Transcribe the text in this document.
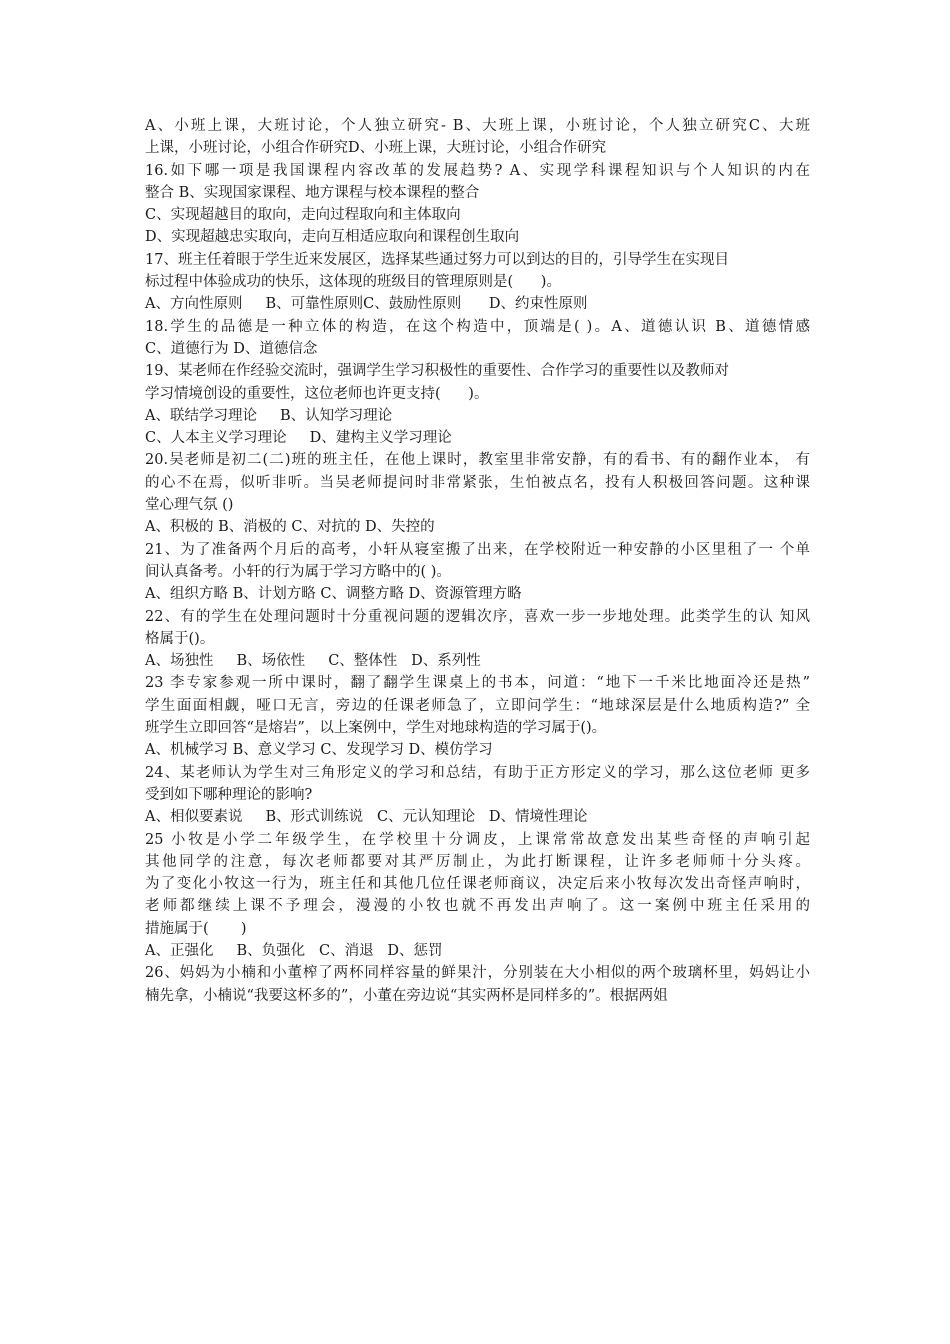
A、小班上课，大班讨论，个人独立研究- B、大班上课，小班讨论，个人独立研究C、大班
上课，小班讨论，小组合作研究D、小班上课，大班讨论，小组合作研究
16.如下哪一项是我国课程内容改革的发展趋势? A、实现学科课程知识与个人知识的内在
整合 B、实现国家课程、地方课程与校本课程的整合
C、实现超越目的取向，走向过程取向和主体取向
D、实现超越忠实取向，走向互相适应取向和课程创生取向
17、班主任着眼于学生近来发展区，选择某些通过努力可以到达的目的，引导学生在实现目
标过程中体验成功的快乐，这体现的班级目的管理原则是(      )。
A、方向性原则     B、可靠性原则C、鼓励性原则      D、约束性原则
18.学生的品德是一种立体的构造，在这个构造中，顶端是( )。A、道德认识 B、道德情感
C、道德行为 D、道德信念
19、某老师在作经验交流时，强调学生学习积极性的重要性、合作学习的重要性以及教师对
学习情境创设的重要性，这位老师也许更支持(      )。
A、联结学习理论     B、认知学习理论
C、人本主义学习理论     D、建构主义学习理论
20.吴老师是初二(二)班的班主任，在他上课时，教室里非常安静，有的看书、有的翻作业本， 有
的心不在焉，似听非听。当吴老师提问时非常紧张，生怕被点名，投有人积极回答问题。这种课
堂心理气氛 ()
A、积极的 B、消极的 C、对抗的 D、失控的
21、为了准备两个月后的高考，小轩从寝室搬了出来，在学校附近一种安静的小区里租了一 个单
间认真备考。小轩的行为属于学习方略中的( )。
A、组织方略 B、计划方略 C、调整方略 D、资源管理方略
22、有的学生在处理问题时十分重视问题的逻辑次序，喜欢一步一步地处理。此类学生的认 知风
格属于()。
A、场独性     B、场依性     C、整体性   D、系列性
23 李专家参观一所中课时，翻了翻学生课桌上的书本，问道：“地下一千米比地面冷还是热”
学生面面相觑，哑口无言，旁边的任课老师急了，立即问学生：“地球深层是什么地质构造?” 全
班学生立即回答“是熔岩”，以上案例中，学生对地球构造的学习属于()。
A、机械学习 B、意义学习 C、发现学习 D、模仿学习
24、某老师认为学生对三角形定义的学习和总结，有助于正方形定义的学习，那么这位老师 更多
受到如下哪种理论的影响?
A、相似要素说     B、形式训练说   C、元认知理论   D、情境性理论
25 小牧是小学二年级学生，在学校里十分调皮，上课常常故意发出某些奇怪的声响引起
其他同学的注意，每次老师都要对其严厉制止，为此打断课程，让许多老师师十分头疼。
为了变化小牧这一行为，班主任和其他几位任课老师商议，决定后来小牧每次发出奇怪声响时，
老师都继续上课不予理会，漫漫的小牧也就不再发出声响了。这一案例中班主任采用的
措施属于(       )
A、正强化     B、负强化   C、消退   D、惩罚
26、妈妈为小楠和小董榨了两杯同样容量的鲜果汁，分别装在大小相似的两个玻璃杯里，妈妈让小
楠先拿，小楠说“我要这杯多的”，小董在旁边说“其实两杯是同样多的”。根据两姐
